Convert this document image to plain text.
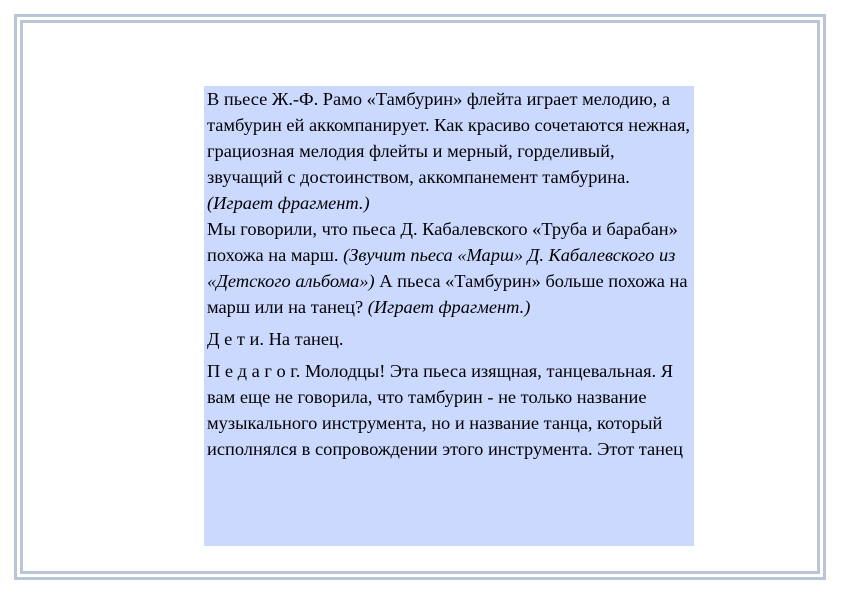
В пьесе Ж.-Ф. Рамо «Тамбурин» флейта играет мелодию, а тамбурин ей аккомпанирует. Как красиво сочетаются нежная, грациозная мелодия флейты и мерный, горделивый, звучащий с достоинством, аккомпанемент тамбурина. (Играет фрагмент.)

Мы говорили, что пьеса Д. Кабалевского «Труба и барабан» похожа на марш. (Звучит пьеса «Марш» Д. Кабалевского из «Детского альбома») А пьеса «Тамбурин» больше похожа на марш или на танец? (Играет фрагмент.)

Д е т и. На танец.

П е д а г о г. Молодцы! Эта пьеса изящная, танцевальная. Я вам еще не говорила, что тамбурин - не только название музыкального инструмента, но и название танца, который исполнялся в сопровождении этого инструмента. Этот танец
